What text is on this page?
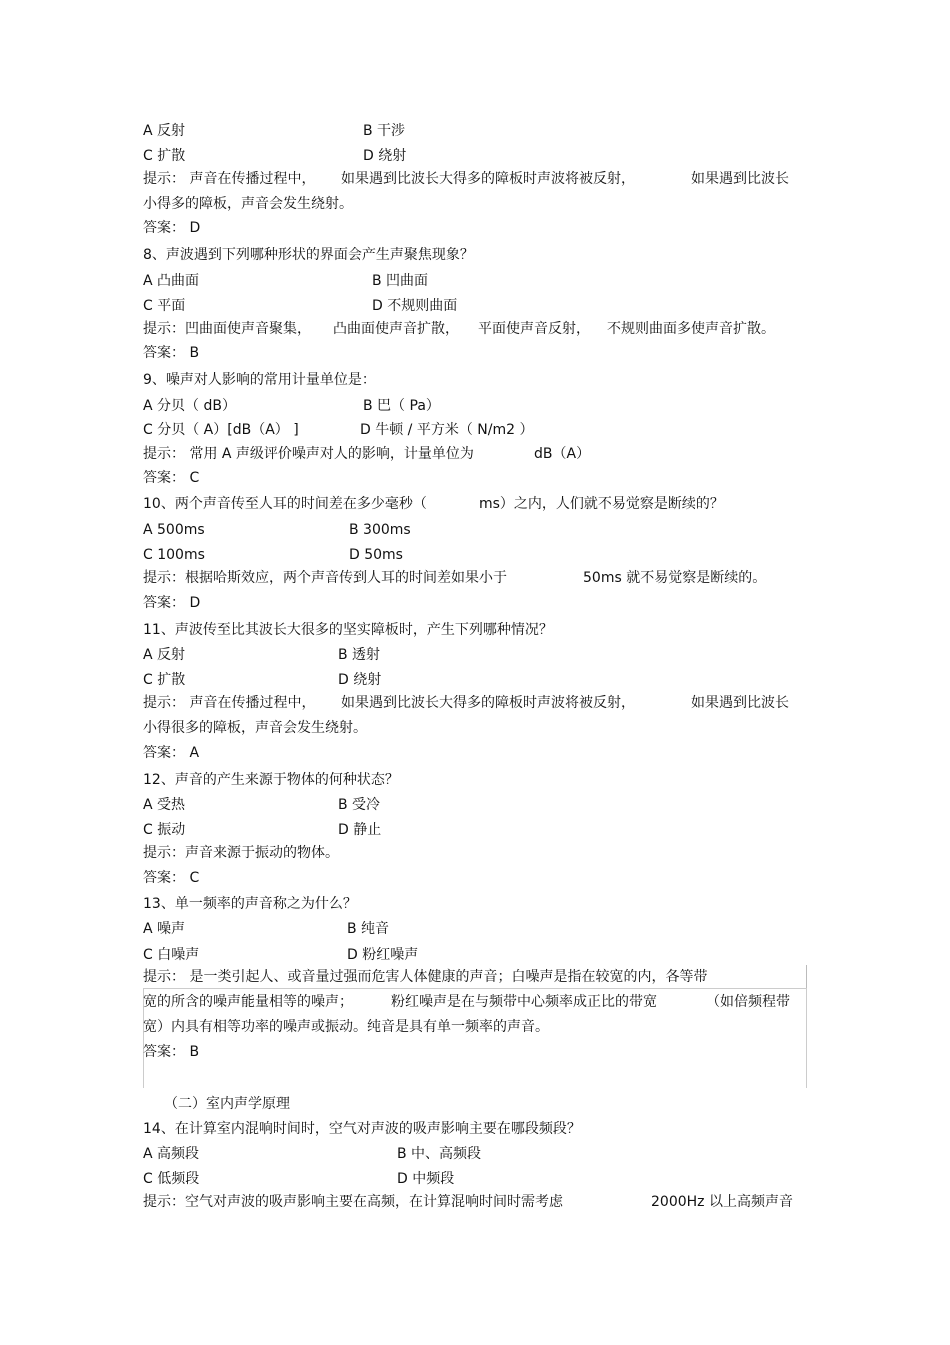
A 反射	B 干涉
C 扩散	D 绕射
提示： 声音在传播过程中， 如果遇到比波长大得多的障板时声波将被反射，	如果遇到比波长
小得多的障板，声音会发生绕射。
答案： D
8、声波遇到下列哪种形状的界面会产生声聚焦现象？
A 凸曲面	B 凹曲面
C 平面	D 不规则曲面
提示：凹曲面使声音聚集， 凸曲面使声音扩散， 平面使声音反射， 不规则曲面多使声音扩散。
答案： B
9、噪声对人影响的常用计量单位是：
A 分贝（ dB）	B 巴（ Pa）
C 分贝（ A）[dB（A） ]	D 牛顿 / 平方米（ N/m2 ）
提示： 常用 A 声级评价噪声对人的影响，计量单位为	dB（A）
答案： C
10、两个声音传至人耳的时间差在多少毫秒（	ms）之内，人们就不易觉察是断续的？
A 500ms	B 300ms
C 100ms	D 50ms
提示：根据哈斯效应，两个声音传到人耳的时间差如果小于	50ms 就不易觉察是断续的。
答案： D
11、声波传至比其波长大很多的坚实障板时，产生下列哪种情况？
A 反射	B 透射
C 扩散	D 绕射
提示： 声音在传播过程中， 如果遇到比波长大得多的障板时声波将被反射，	如果遇到比波长
小得很多的障板，声音会发生绕射。
答案： A
12、声音的产生来源于物体的何种状态？
A 受热	B 受冷
C 振动	D 静止
提示：声音来源于振动的物体。
答案： C
13、单一频率的声音称之为什么？
A 噪声	B 纯音
C 白噪声	D 粉红噪声
提示： 是一类引起人、或音量过强而危害人体健康的声音；白噪声是指在较宽的内，各等带
宽的所含的噪声能量相等的噪声；	粉红噪声是在与频带中心频率成正比的带宽	（如倍频程带
宽）内具有相等功率的噪声或振动。纯音是具有单一频率的声音。
答案： B
（二）室内声学原理
14、在计算室内混响时间时，空气对声波的吸声影响主要在哪段频段？
A 高频段	B 中、高频段
C 低频段	D 中频段
提示：空气对声波的吸声影响主要在高频，在计算混响时间时需考虑	2000Hz 以上高频声音
